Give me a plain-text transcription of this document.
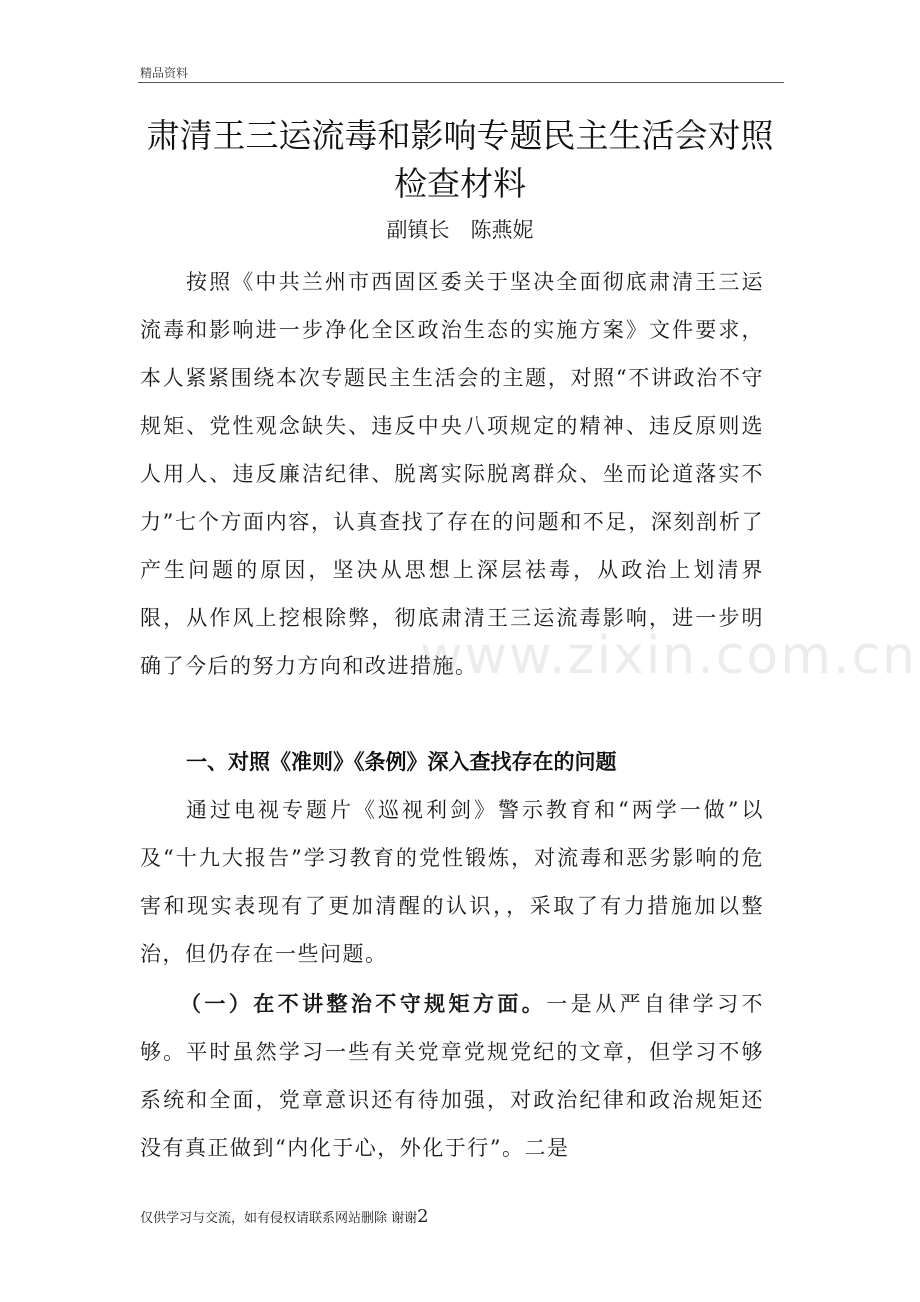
精品资料
肃清王三运流毒和影响专题民主生活会对照检查材料
副镇长　陈燕妮

按照《中共兰州市西固区委关于坚决全面彻底肃清王三运流毒和影响进一步净化全区政治生态的实施方案》文件要求，本人紧紧围绕本次专题民主生活会的主题，对照“不讲政治不守规矩、党性观念缺失、违反中央八项规定的精神、违反原则选人用人、违反廉洁纪律、脱离实际脱离群众、坐而论道落实不力”七个方面内容，认真查找了存在的问题和不足，深刻剖析了产生问题的原因，坚决从思想上深层祛毒，从政治上划清界限，从作风上挖根除弊，彻底肃清王三运流毒影响，进一步明确了今后的努力方向和改进措施。

一、对照《准则》《条例》深入查找存在的问题

通过电视专题片《巡视利剑》警示教育和“两学一做”以及“十九大报告”学习教育的党性锻炼，对流毒和恶劣影响的危害和现实表现有了更加清醒的认识，，采取了有力措施加以整治，但仍存在一些问题。

（一）在不讲整治不守规矩方面。一是从严自律学习不够。平时虽然学习一些有关党章党规党纪的文章，但学习不够系统和全面，党章意识还有待加强，对政治纪律和政治规矩还没有真正做到“内化于心，外化于行”。二是

www.zixin.com.cn
仅供学习与交流，如有侵权请联系网站删除 谢谢2
